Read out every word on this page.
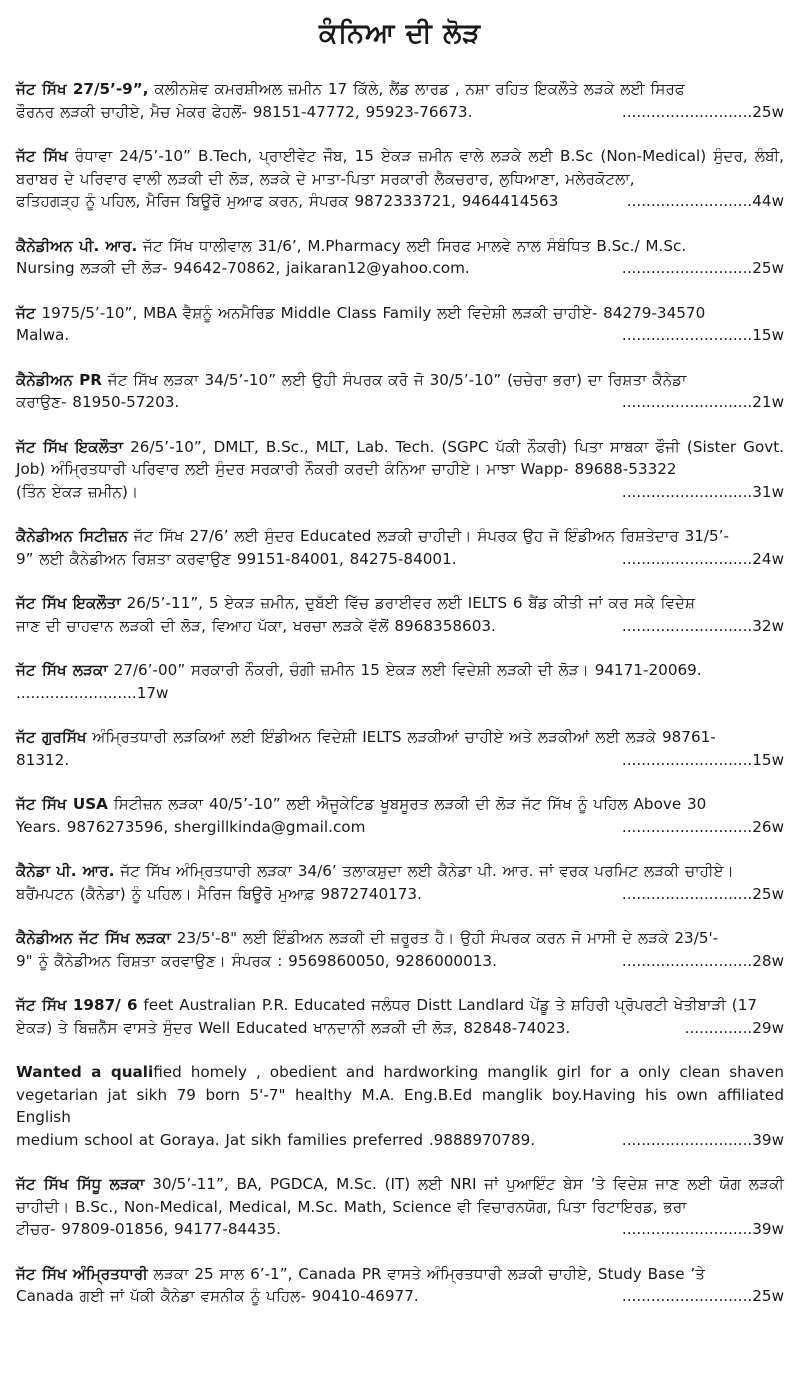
ਕੰਨਿਆ ਦੀ ਲੋੜ
ਜੱਟ ਸਿੱਖ 27/5’-9”, ਕਲੀਨਸ਼ੇਵ ਕਮਰਸ਼ੀਅਲ ਜ਼ਮੀਨ 17 ਕਿੱਲੇ, ਲੈਂਡ ਲਾਰਡ , ਨਸ਼ਾ ਰਹਿਤ ਇਕਲੌਤੇ ਲੜਕੇ ਲਈ ਸਿਰਫ
ਫੌਰਨਰ ਲੜਕੀ ਚਾਹੀਏ, ਮੈਚ ਮੇਕਰ ਫੇਹਲੋਂ- 98151-47772, 95923-76673.	...........................25w
ਜੱਟ ਸਿੱਖ ਰੰਧਾਵਾ 24/5’-10” B.Tech, ਪ੍ਰਾਈਵੇਟ ਜੌਬ, 15 ਏਕੜ ਜ਼ਮੀਨ ਵਾਲੇ ਲੜਕੇ ਲਈ B.Sc (Non-Medical) ਸੁੰਦਰ, ਲੰਬੀ, ਬਰਾਬਰ ਦੇ ਪਰਿਵਾਰ ਵਾਲੀ ਲੜਕੀ ਦੀ ਲੋੜ, ਲੜਕੇ ਦੇ ਮਾਤਾ-ਪਿਤਾ ਸਰਕਾਰੀ ਲੈਕਚਰਾਰ, ਲੁਧਿਆਣਾ, ਮਲੇਰਕੋਟਲਾ,
ਫਤਿਹਗੜ੍ਹ ਨੂੰ ਪਹਿਲ, ਮੈਰਿਜ ਬਿਊਰੋ ਮੁਆਫ ਕਰਨ, ਸੰਪਰਕ 9872333721, 9464414563	..........................44w
ਕੈਨੇਡੀਅਨ ਪੀ. ਆਰ. ਜੱਟ ਸਿੱਖ ਧਾਲੀਵਾਲ 31/6’, M.Pharmacy ਲਈ ਸਿਰਫ ਮਾਲਵੇ ਨਾਲ ਸੰਬੰਧਿਤ B.Sc./ M.Sc.
Nursing ਲੜਕੀ ਦੀ ਲੋੜ- 94642-70862, jaikaran12@yahoo.com.	...........................25w
ਜੱਟ 1975/5’-10”, MBA ਵੈਸ਼ਨੂੰ ਅਨਮੈਰਿਡ Middle Class Family ਲਈ ਵਿਦੇਸ਼ੀ ਲੜਕੀ ਚਾਹੀਏ- 84279-34570
Malwa.	...........................15w
ਕੈਨੇਡੀਅਨ PR ਜੱਟ ਸਿੱਖ ਲੜਕਾ 34/5’-10” ਲਈ ਉਹੀ ਸੰਪਰਕ ਕਰੋ ਜੋ 30/5’-10” (ਚਚੇਰਾ ਭਰਾ) ਦਾ ਰਿਸ਼ਤਾ ਕੈਨੇਡਾ
ਕਰਾਉਣ- 81950-57203.	...........................21w
ਜੱਟ ਸਿੱਖ ਇਕਲੌਤਾ 26/5’-10”, DMLT, B.Sc., MLT, Lab. Tech. (SGPC ਪੱਕੀ ਨੌਕਰੀ) ਪਿਤਾ ਸਾਬਕਾ ਫੌਜੀ (Sister Govt. Job) ਅੰਮ੍ਰਿਤਧਾਰੀ ਪਰਿਵਾਰ ਲਈ ਸੁੰਦਰ ਸਰਕਾਰੀ ਨੌਕਰੀ ਕਰਦੀ ਕੰਨਿਆ ਚਾਹੀਏ। ਮਾਝਾ Wapp- 89688-53322
(ਤਿੰਨ ਏਕੜ ਜ਼ਮੀਨ)।	...........................31w
ਕੈਨੇਡੀਅਨ ਸਿਟੀਜ਼ਨ ਜੱਟ ਸਿੱਖ 27/6’ ਲਈ ਸੁੰਦਰ Educated ਲੜਕੀ ਚਾਹੀਦੀ। ਸੰਪਰਕ ਉਹ ਜੋ ਇੰਡੀਅਨ ਰਿਸ਼ਤੇਦਾਰ 31/5’-
9” ਲਈ ਕੈਨੇਡੀਅਨ ਰਿਸ਼ਤਾ ਕਰਵਾਉਣ 99151-84001, 84275-84001.	...........................24w
ਜੱਟ ਸਿੱਖ ਇਕਲੌਤਾ 26/5’-11”, 5 ਏਕੜ ਜ਼ਮੀਨ, ਦੁਬੱਈ ਵਿੱਚ ਡਰਾਈਵਰ ਲਈ IELTS 6 ਬੈਂਡ ਕੀਤੀ ਜਾਂ ਕਰ ਸਕੇ ਵਿਦੇਸ਼
ਜਾਣ ਦੀ ਚਾਹਵਾਨ ਲੜਕੀ ਦੀ ਲੋੜ, ਵਿਆਹ ਪੱਕਾ, ਖਰਚਾ ਲੜਕੇ ਵੱਲੋਂ 8968358603.	...........................32w
ਜੱਟ ਸਿੱਖ ਲੜਕਾ 27/6’-00” ਸਰਕਾਰੀ ਨੌਕਰੀ, ਚੰਗੀ ਜ਼ਮੀਨ 15 ਏਕੜ ਲਈ ਵਿਦੇਸ਼ੀ ਲੜਕੀ ਦੀ ਲੋੜ। 94171-20069.
.........................17w
ਜੱਟ ਗੁਰਸਿੱਖ ਅੰਮ੍ਰਿਤਧਾਰੀ ਲੜਕਿਆਂ ਲਈ ਇੰਡੀਅਨ ਵਿਦੇਸ਼ੀ IELTS ਲੜਕੀਆਂ ਚਾਹੀਏ ਅਤੇ ਲੜਕੀਆਂ ਲਈ ਲੜਕੇ 98761-
81312.	...........................15w
ਜੱਟ ਸਿੱਖ USA ਸਿਟੀਜ਼ਨ ਲੜਕਾ 40/5’-10” ਲਈ ਐਜੂਕੇਟਿਡ ਖੂਬਸੂਰਤ ਲੜਕੀ ਦੀ ਲੋੜ ਜੱਟ ਸਿੱਖ ਨੂੰ ਪਹਿਲ Above 30
Years. 9876273596, shergillkinda@gmail.com	...........................26w
ਕੈਨੇਡਾ ਪੀ. ਆਰ. ਜੱਟ ਸਿੱਖ ਅੰਮ੍ਰਿਤਧਾਰੀ ਲੜਕਾ 34/6’ ਤਲਾਕਸ਼ੁਦਾ ਲਈ ਕੈਨੇਡਾ ਪੀ. ਆਰ. ਜਾਂ ਵਰਕ ਪਰਮਿਟ ਲੜਕੀ ਚਾਹੀਏ।
ਬਰੈਂਮਪਟਨ (ਕੈਨੇਡਾ) ਨੂੰ ਪਹਿਲ। ਮੈਰਿਜ ਬਿਊਰੋ ਮੁਆਫ਼ 9872740173.	...........................25w
ਕੈਨੇਡੀਅਨ ਜੱਟ ਸਿੱਖ ਲੜਕਾ 23/5'-8" ਲਈ ਇੰਡੀਅਨ ਲੜਕੀ ਦੀ ਜ਼ਰੂਰਤ ਹੈ। ਉਹੀ ਸੰਪਰਕ ਕਰਨ ਜੋ ਮਾਸੀ ਦੇ ਲੜਕੇ 23/5'-
9" ਨੂੰ ਕੈਨੇਡੀਅਨ ਰਿਸ਼ਤਾ ਕਰਵਾਉਣ। ਸੰਪਰਕ : 9569860050, 9286000013.	...........................28w
ਜੱਟ ਸਿੱਖ 1987/ 6 feet Australian P.R. Educated ਜਲੰਧਰ Distt Landlard ਪੇਂਡੂ ਤੇ ਸ਼ਹਿਰੀ ਪ੍ਰੋਪਰਟੀ ਖੇਤੀਬਾੜੀ (17
ਏਕੜ) ਤੇ ਬਿਜ਼ਨੈੱਸ ਵਾਸਤੇ ਸੁੰਦਰ Well Educated ਖਾਨਦਾਨੀ ਲੜਕੀ ਦੀ ਲੋੜ, 82848-74023.	..............29w
Wanted a qualified homely , obedient and hardworking manglik girl for a only clean shaven vegetarian jat sikh 79 born 5'-7" healthy M.A. Eng.B.Ed manglik boy.Having his own affiliated English
medium school at Goraya. Jat sikh families preferred .9888970789.	...........................39w
ਜੱਟ ਸਿੱਖ ਸਿੱਧੂ ਲੜਕਾ 30/5’-11”, BA, PGDCA, M.Sc. (IT) ਲਈ NRI ਜਾਂ ਪੁਆਇੰਟ ਬੇਸ ’ਤੇ ਵਿਦੇਸ਼ ਜਾਣ ਲਈ ਯੋਗ ਲੜਕੀ ਚਾਹੀਦੀ। B.Sc., Non-Medical, Medical, M.Sc. Math, Science ਵੀ ਵਿਚਾਰਨਯੋਗ, ਪਿਤਾ ਰਿਟਾਇਰਡ, ਭਰਾ
ਟੀਚਰ- 97809-01856, 94177-84435.	...........................39w
ਜੱਟ ਸਿੱਖ ਅੰਮ੍ਰਿਤਧਾਰੀ ਲੜਕਾ 25 ਸਾਲ 6’-1”, Canada PR ਵਾਸਤੇ ਅੰਮ੍ਰਿਤਧਾਰੀ ਲੜਕੀ ਚਾਹੀਏ, Study Base ’ਤੇ
Canada ਗਈ ਜਾਂ ਪੱਕੀ ਕੈਨੇਡਾ ਵਸਨੀਕ ਨੂੰ ਪਹਿਲ- 90410-46977.	...........................25w
